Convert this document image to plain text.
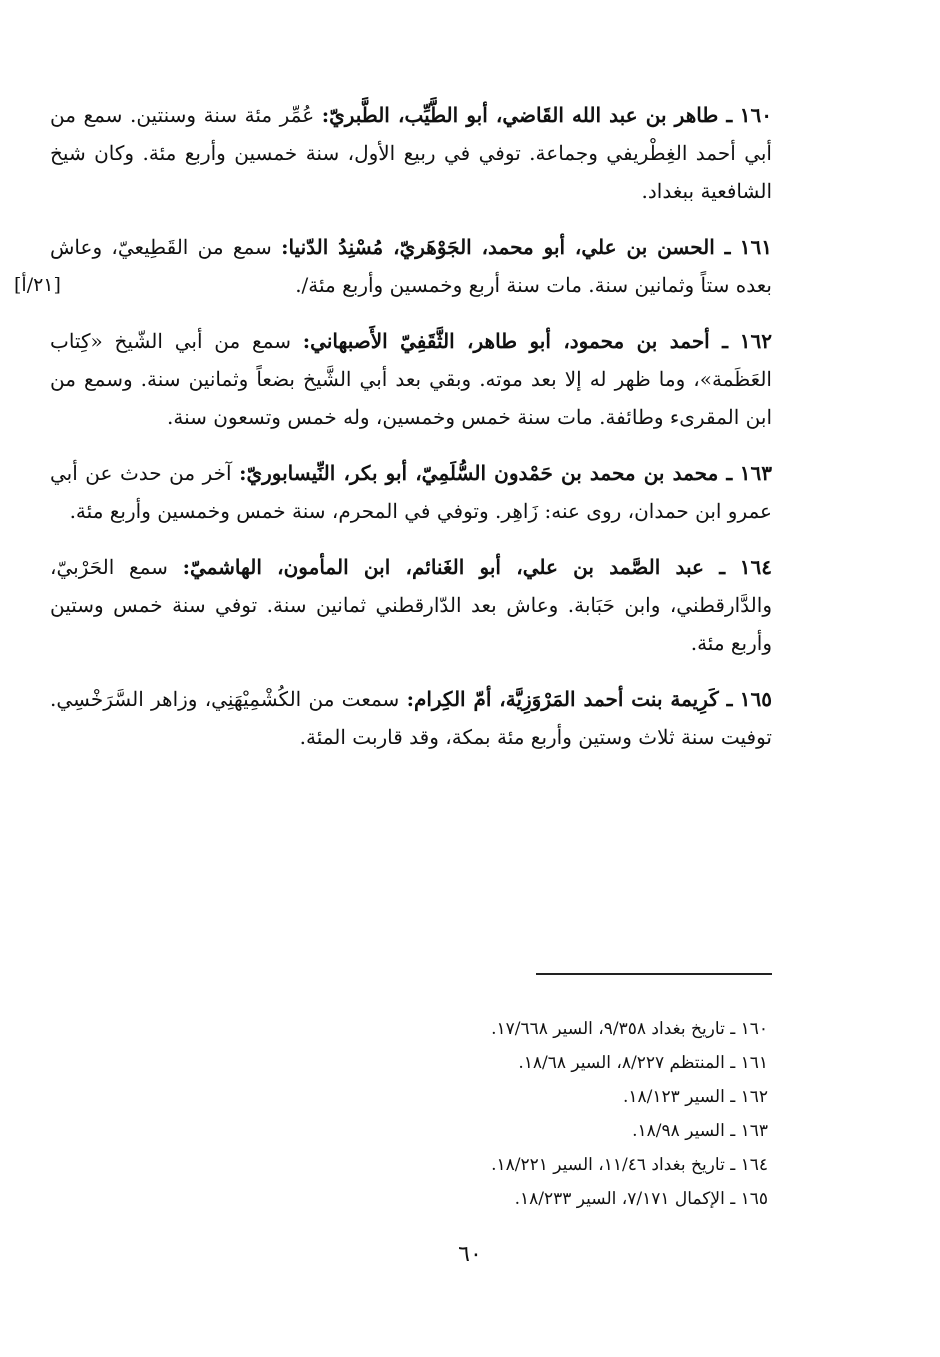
١٦٠ ـ طاهر بن عبد الله القَاضي، أبو الطَّيِّب، الطَّبريّ: عُمِّر مئة سنة وسنتين. سمع من أبي أحمد الغِطْريفي وجماعة. توفي في ربيع الأول، سنة خمسين وأربع مئة. وكان شيخ الشافعية ببغداد.

١٦١ ـ الحسن بن علي، أبو محمد، الجَوْهَريّ، مُسْنِدُ الدّنيا: سمع من القَطِيعيّ، وعاش بعده ستاً وثمانين سنة. مات سنة أربع وخمسين وأربع مئة/.

[٢١/أ]

١٦٢ ـ أحمد بن محمود، أبو طاهر، الثَّقَفِيّ الأَصبهاني: سمع من أبي الشّيخ «كِتاب العَظَمة»، وما ظهر له إلا بعد موته. وبقي بعد أبي الشَّيخ بضعاً وثمانين سنة. وسمع من ابن المقرىء وطائفة. مات سنة خمس وخمسين، وله خمس وتسعون سنة.

١٦٣ ـ محمد بن محمد بن حَمْدون السُّلَمِيّ، أبو بكر، النِّيسابوريّ: آخر من حدث عن أبي عمرو ابن حمدان، روى عنه: زَاهِر. وتوفي في المحرم، سنة خمس وخمسين وأربع مئة.

١٦٤ ـ عبد الصَّمد بن علي، أبو الغَنائم، ابن المأمون، الهاشميّ: سمع الحَرْبيّ، والدَّارقطني، وابن حَبَابة. وعاش بعد الدّارقطني ثمانين سنة. توفي سنة خمس وستين وأربع مئة.

١٦٥ ـ كَرِيمة بنت أحمد المَرْوَزِيَّة، أمّ الكِرام: سمعت من الكُشْمِيْهَنِي، وزاهر السَّرَخْسِي. توفيت سنة ثلاث وستين وأربع مئة بمكة، وقد قاربت المئة.

١٦٠ ـ تاريخ بغداد ٩/٣٥٨، السير ١٧/٦٦٨.

١٦١ ـ المنتظم ٨/٢٢٧، السير ١٨/٦٨.

١٦٢ ـ السير ١٨/١٢٣.

١٦٣ ـ السير ١٨/٩٨.

١٦٤ ـ تاريخ بغداد ١١/٤٦، السير ١٨/٢٢١.

١٦٥ ـ الإكمال ٧/١٧١، السير ١٨/٢٣٣.

٦٠
